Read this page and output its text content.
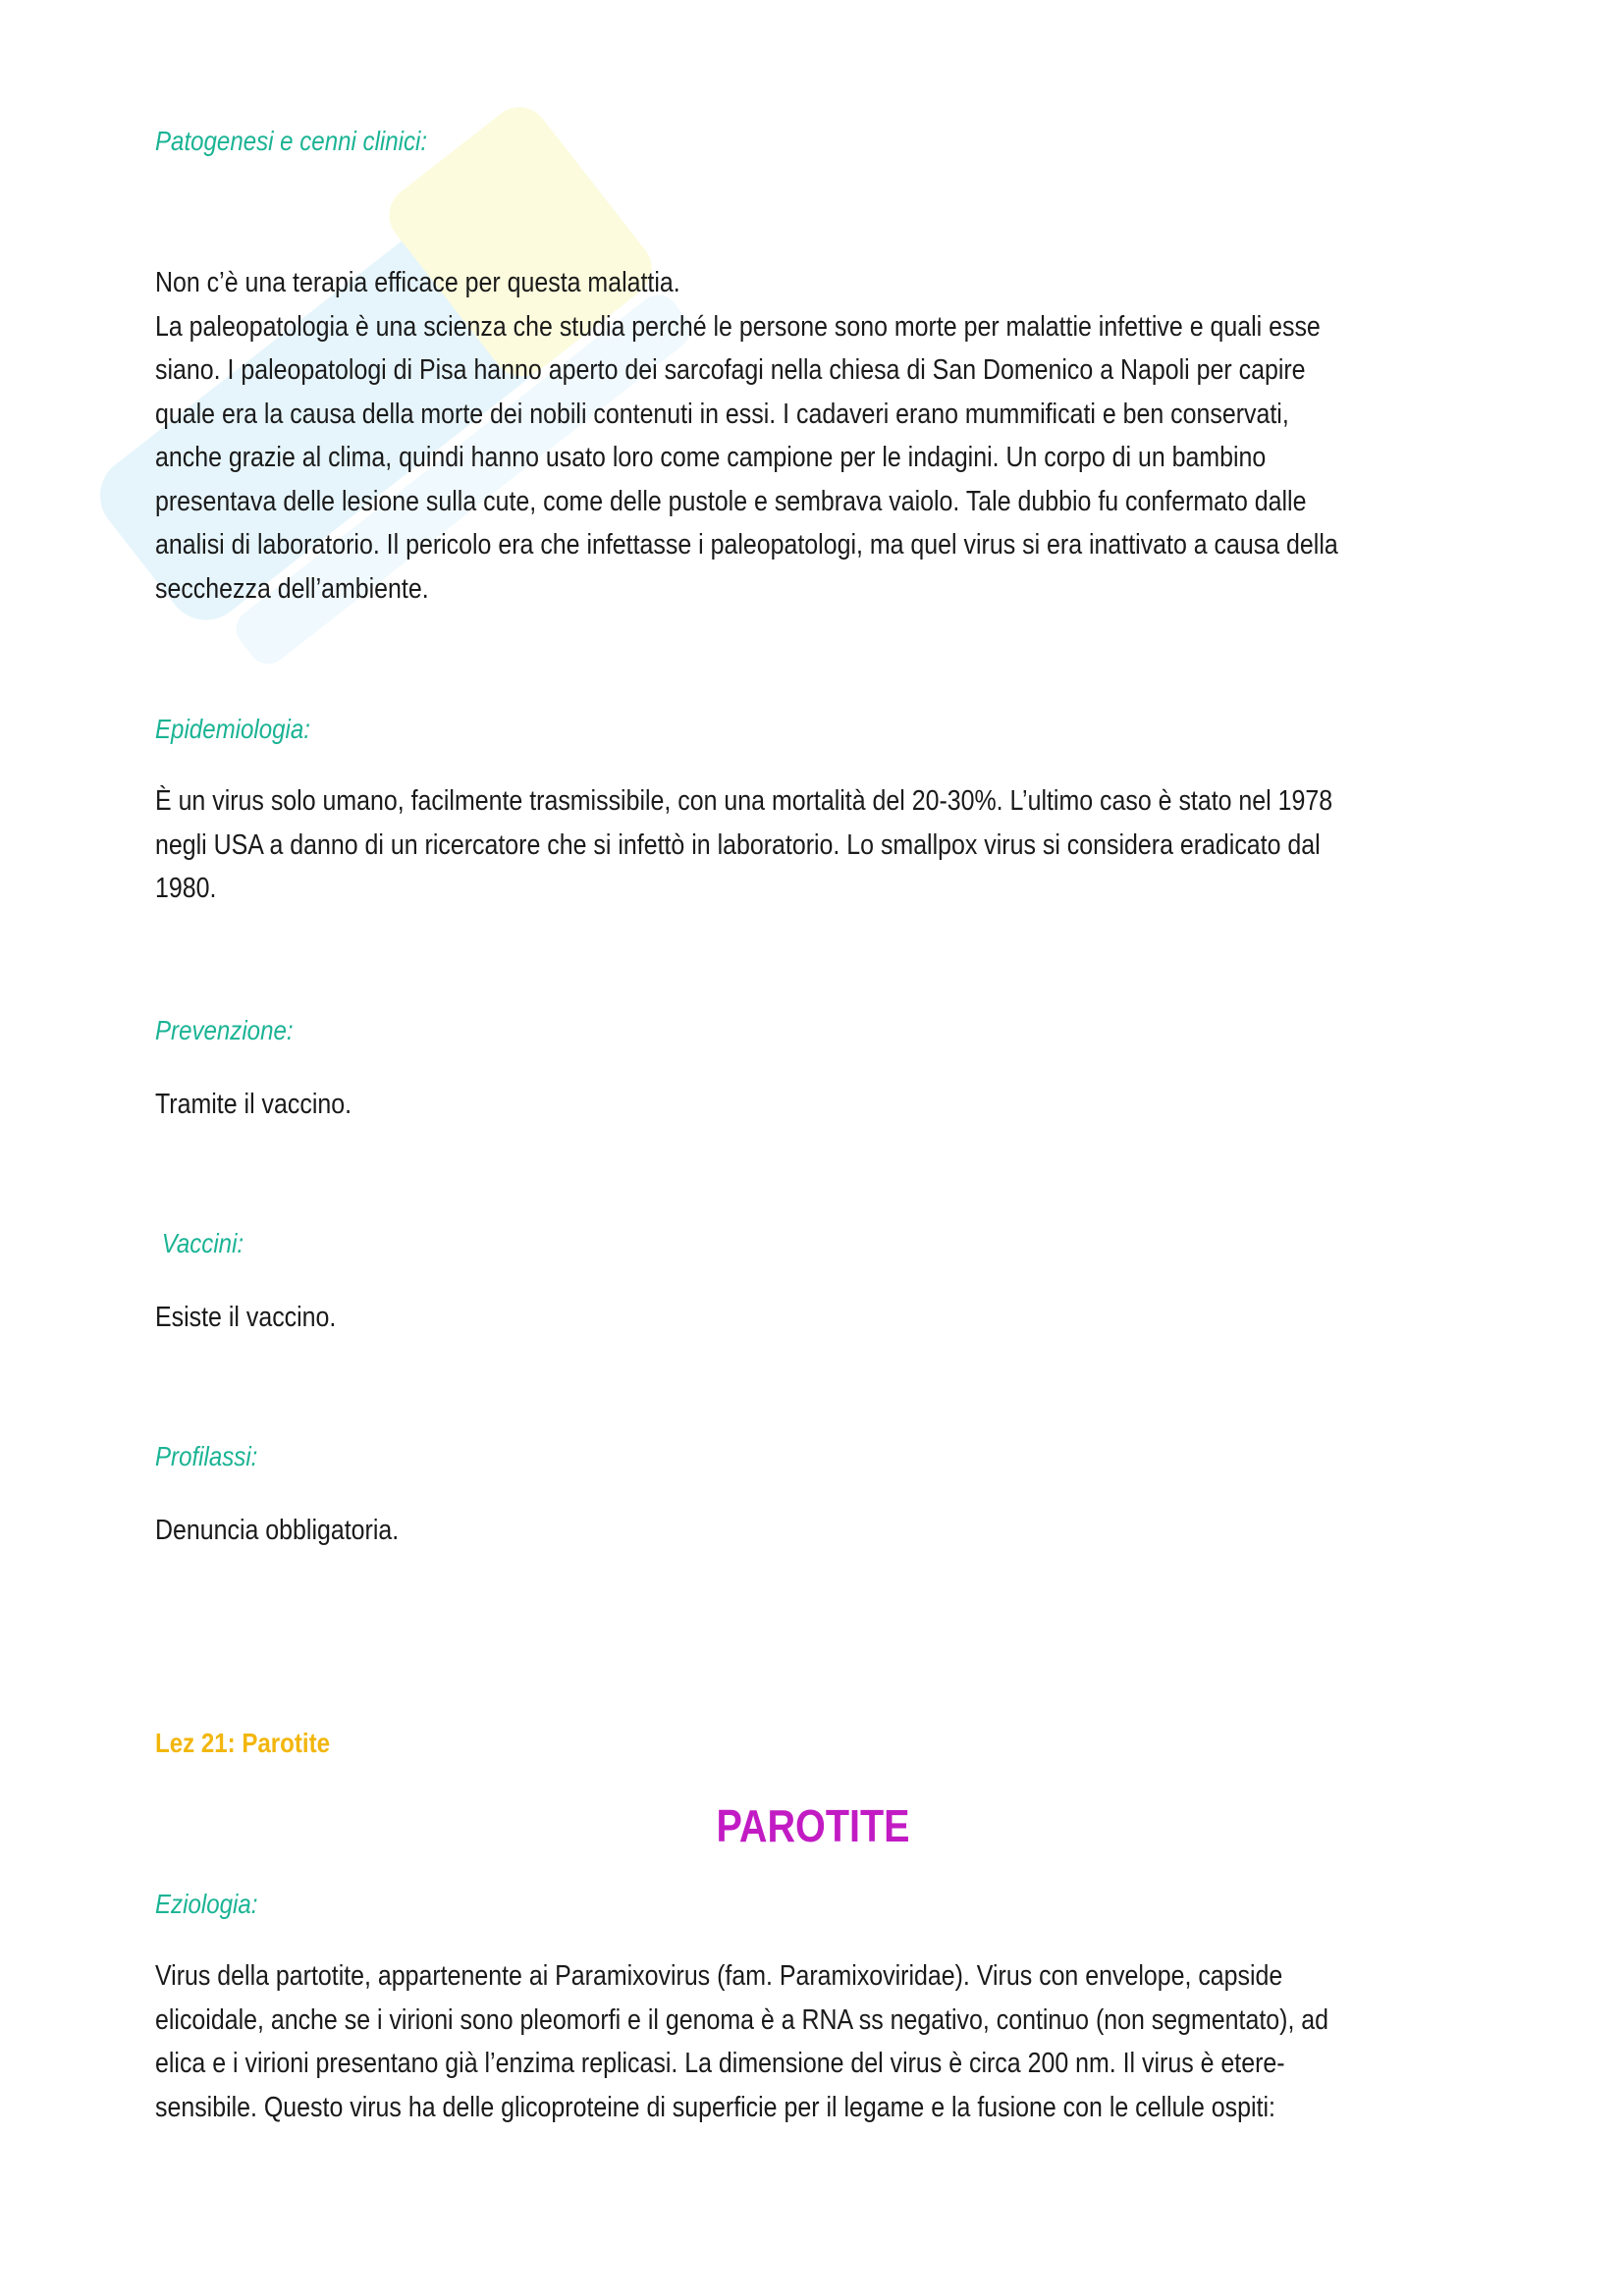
Patogenesi e cenni clinici:
Non c’è una terapia efficace per questa malattia.
La paleopatologia è una scienza che studia perché le persone sono morte per malattie infettive e quali esse
siano. I paleopatologi di Pisa hanno aperto dei sarcofagi nella chiesa di San Domenico a Napoli per capire
quale era la causa della morte dei nobili contenuti in essi. I cadaveri erano mummificati e ben conservati,
anche grazie al clima, quindi hanno usato loro come campione per le indagini. Un corpo di un bambino
presentava delle lesione sulla cute, come delle pustole e sembrava vaiolo. Tale dubbio fu confermato dalle
analisi di laboratorio. Il pericolo era che infettasse i paleopatologi, ma quel virus si era inattivato a causa della
secchezza dell’ambiente.
Epidemiologia:
È un virus solo umano, facilmente trasmissibile, con una mortalità del 20-30%. L’ultimo caso è stato nel 1978
negli USA a danno di un ricercatore che si infettò in laboratorio. Lo smallpox virus si considera eradicato dal
1980.
Prevenzione:
Tramite il vaccino.
Vaccini:
Esiste il vaccino.
Profilassi:
Denuncia obbligatoria.
Lez 21: Parotite
PAROTITE
Eziologia:
Virus della partotite, appartenente ai Paramixovirus (fam. Paramixoviridae). Virus con envelope, capside
elicoidale, anche se i virioni sono pleomorfi e il genoma è a RNA ss negativo, continuo (non segmentato), ad
elica e i virioni presentano già l’enzima replicasi. La dimensione del virus è circa 200 nm. Il virus è etere-
sensibile. Questo virus ha delle glicoproteine di superficie per il legame e la fusione con le cellule ospiti:
